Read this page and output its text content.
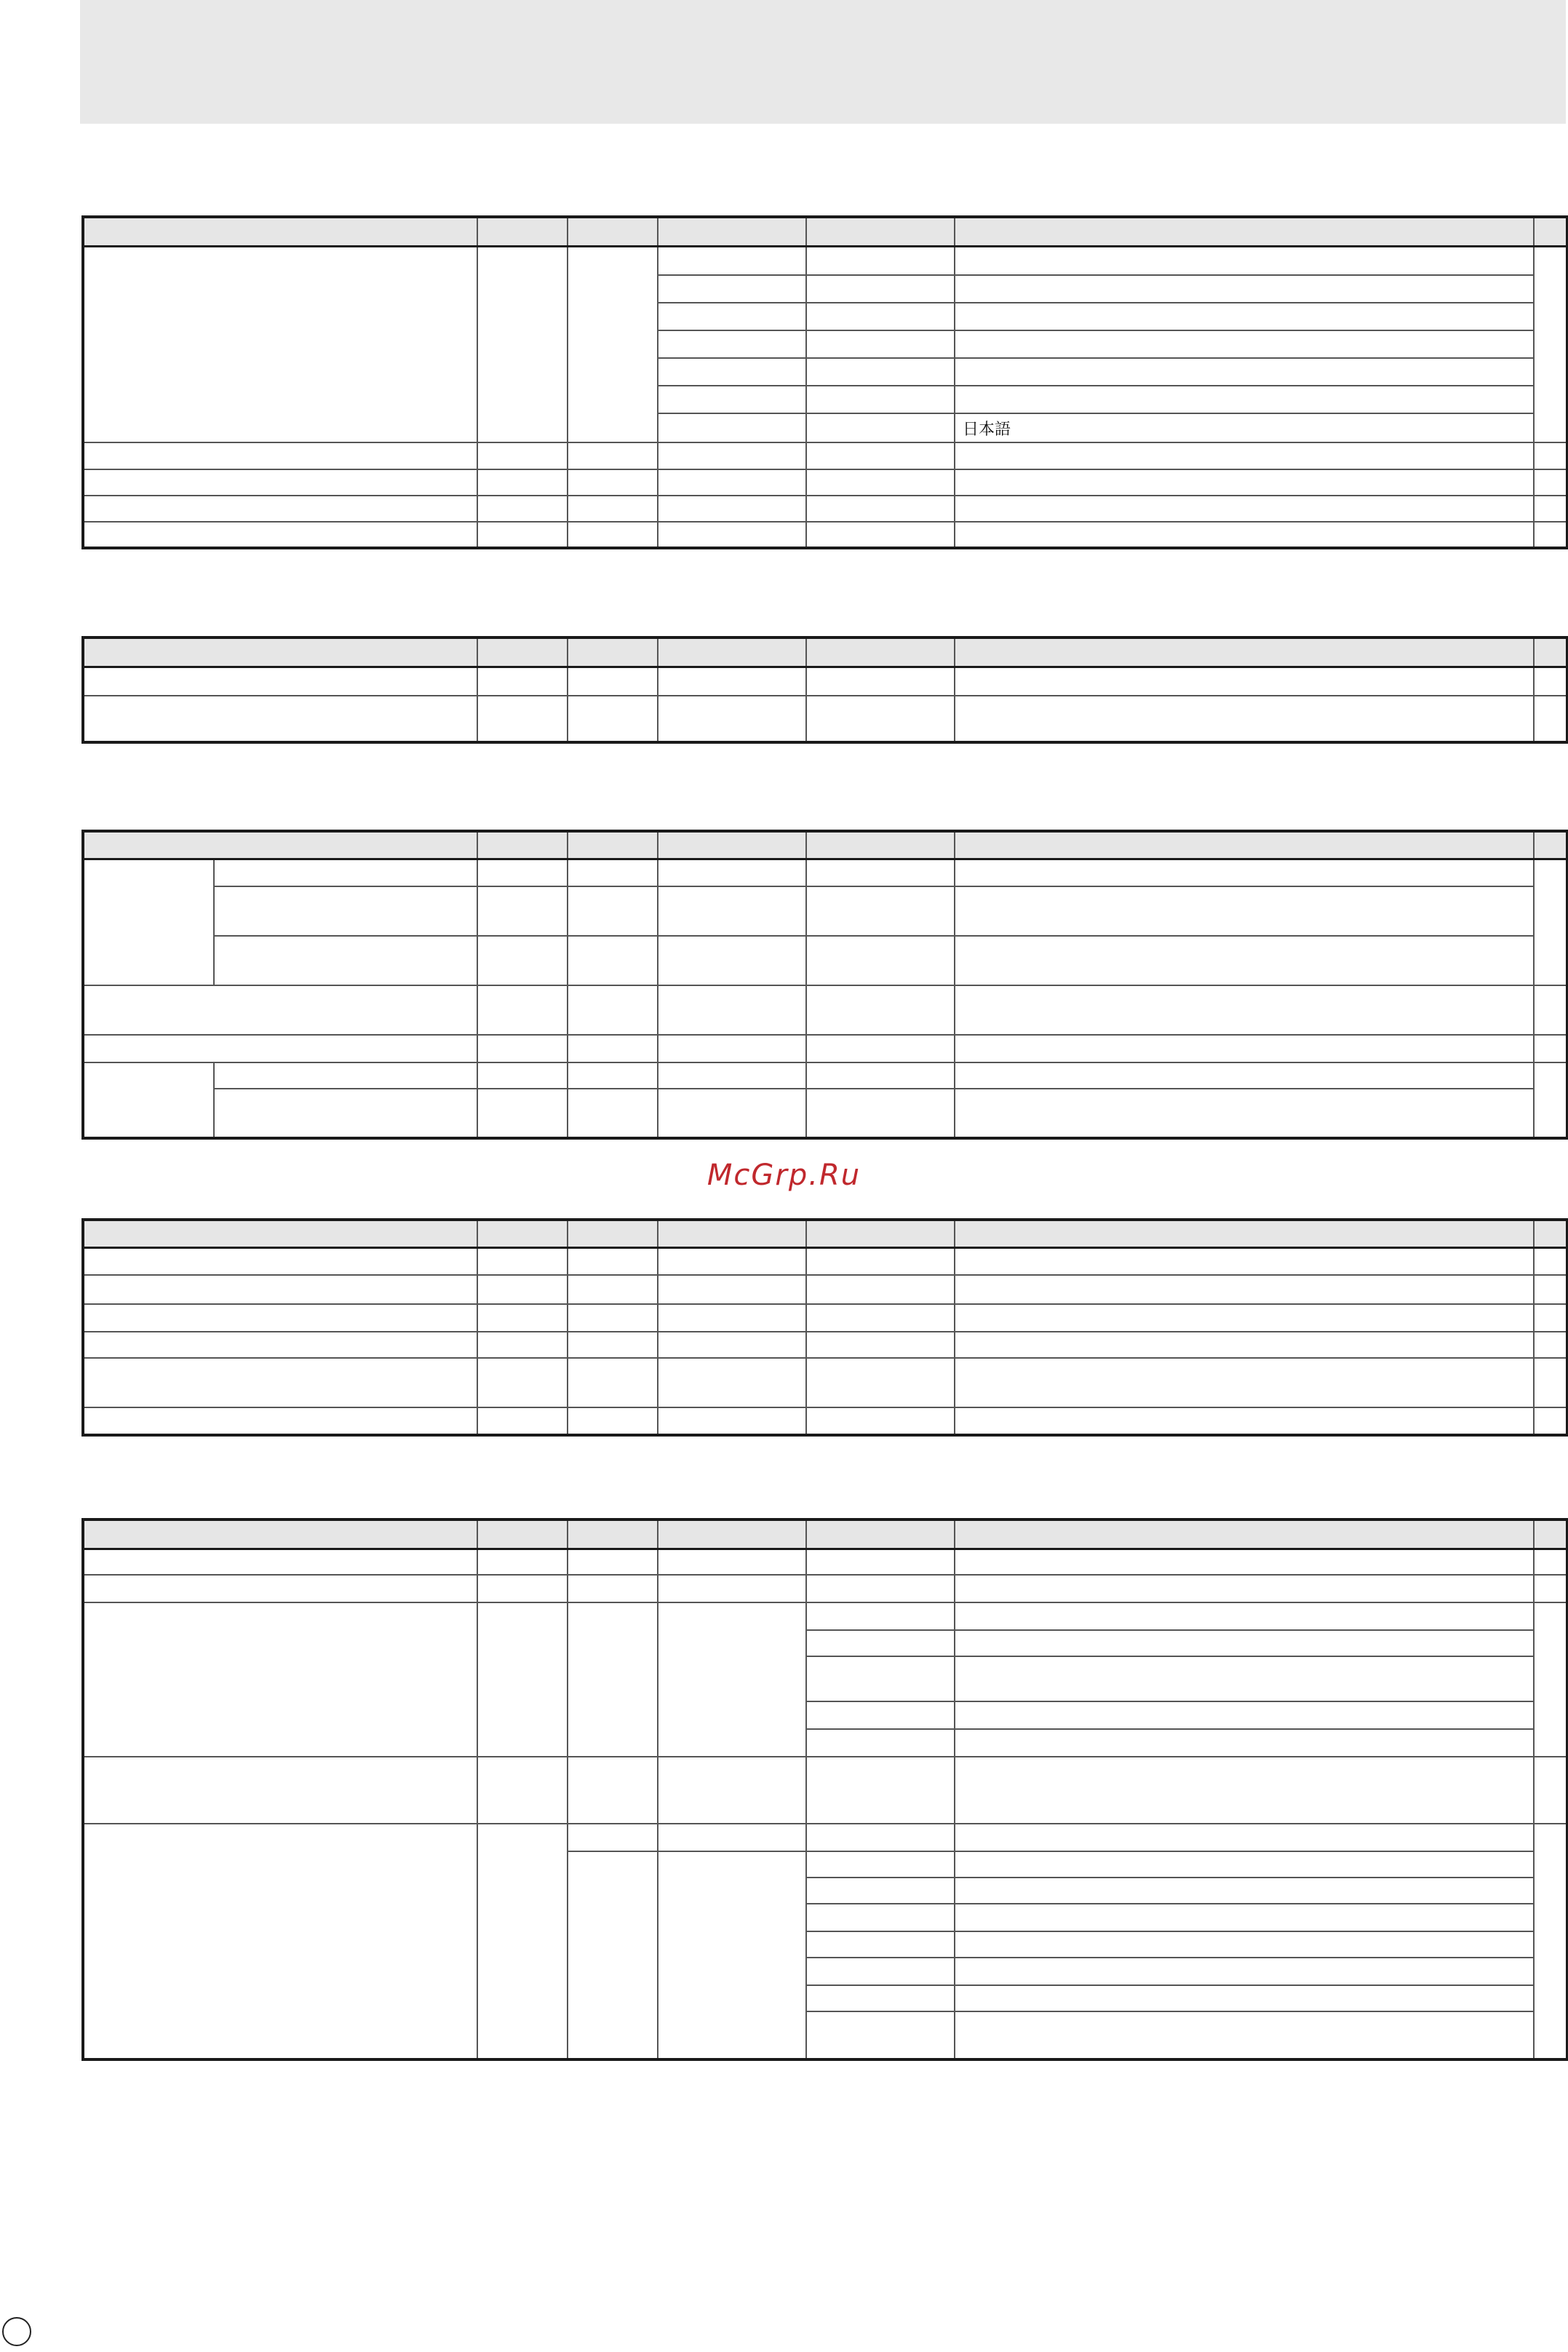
					日本語	

McGrp.Ru
